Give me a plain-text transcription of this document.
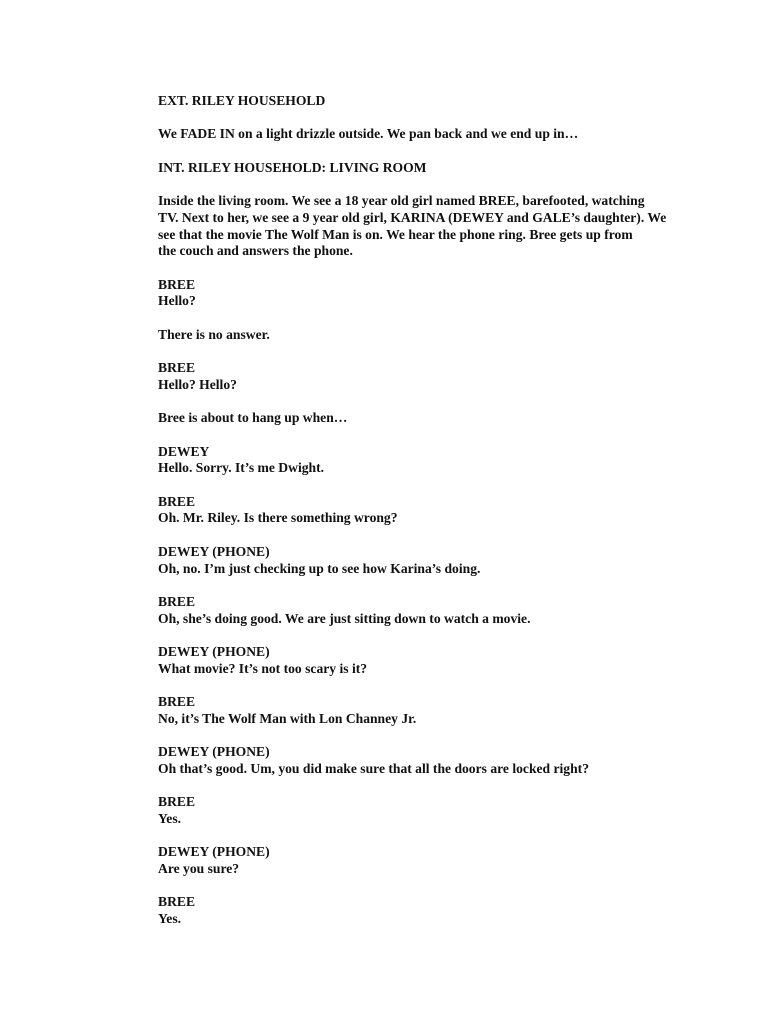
EXT. RILEY HOUSEHOLD

We FADE IN on a light drizzle outside. We pan back and we end up in…

INT. RILEY HOUSEHOLD: LIVING ROOM

Inside the living room. We see a 18 year old girl named BREE, barefooted, watching
TV. Next to her, we see a 9 year old girl, KARINA (DEWEY and GALE’s daughter). We
see that the movie The Wolf Man is on. We hear the phone ring. Bree gets up from
the couch and answers the phone.

BREE
Hello?

There is no answer.

BREE
Hello? Hello?

Bree is about to hang up when…

DEWEY
Hello. Sorry. It’s me Dwight.

BREE
Oh. Mr. Riley. Is there something wrong?

DEWEY (PHONE)
Oh, no. I’m just checking up to see how Karina’s doing.

BREE
Oh, she’s doing good. We are just sitting down to watch a movie.

DEWEY (PHONE)
What movie? It’s not too scary is it?

BREE
No, it’s The Wolf Man with Lon Channey Jr.

DEWEY (PHONE)
Oh that’s good. Um, you did make sure that all the doors are locked right?

BREE
Yes.

DEWEY (PHONE)
Are you sure?

BREE
Yes.
